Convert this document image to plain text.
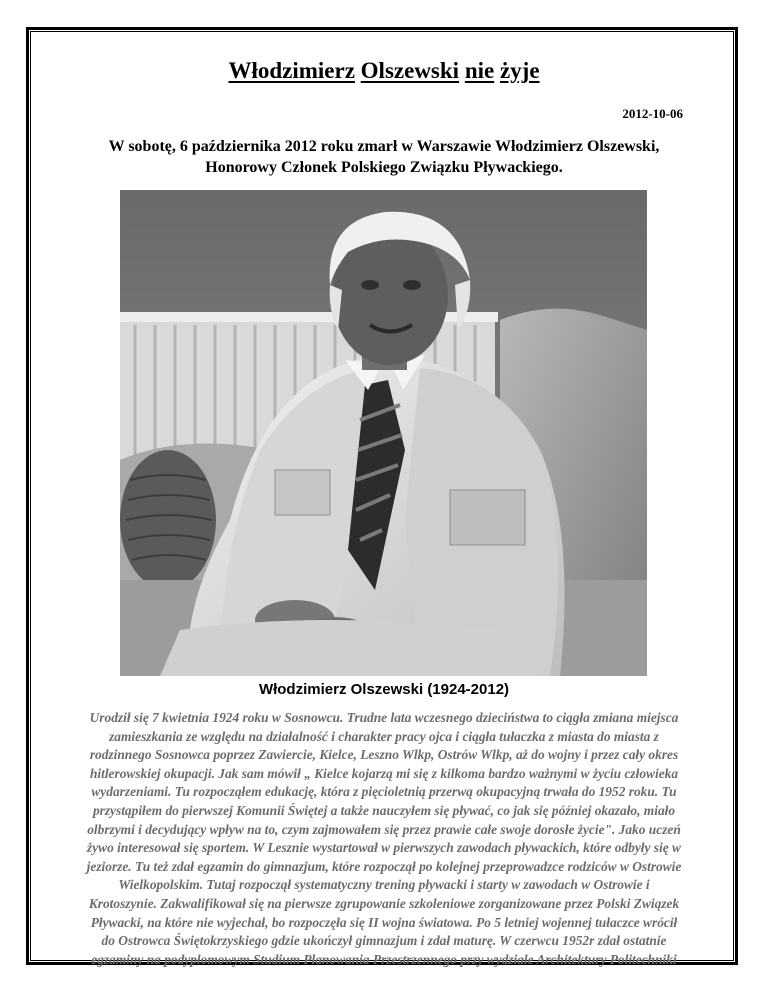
Włodzimierz Olszewski nie żyje
2012-10-06
W sobotę, 6 października 2012 roku zmarł w Warszawie Włodzimierz Olszewski,
Honorowy Członek Polskiego Związku Pływackiego.
Włodzimierz Olszewski (1924-2012)
Urodził się 7 kwietnia 1924 roku w Sosnowcu. Trudne lata wczesnego dzieciństwa to ciągła zmiana miejsca
zamieszkania ze względu na działalność i charakter pracy ojca i ciągła tułaczka z miasta do miasta z
rodzinnego Sosnowca poprzez Zawiercie, Kielce, Leszno Wlkp, Ostrów Wlkp, aż do wojny i przez cały okres
hitlerowskiej okupacji. Jak sam mówił „ Kielce kojarzą mi się z kilkoma bardzo ważnymi w życiu człowieka
wydarzeniami. Tu rozpocząłem edukację, która z pięcioletnią przerwą okupacyjną trwała do 1952 roku. Tu
przystąpiłem do pierwszej Komunii Świętej a także nauczyłem się pływać, co jak się później okazało, miało
olbrzymi i decydujący wpływ na to, czym zajmowałem się przez prawie całe swoje dorosłe życie". Jako uczeń
żywo interesował się sportem. W Lesznie wystartował w pierwszych zawodach pływackich, które odbyły się w
jeziorze. Tu też zdał egzamin do gimnazjum, które rozpoczął po kolejnej przeprowadzce rodziców w Ostrowie
Wielkopolskim. Tutaj rozpoczął systematyczny trening pływacki i starty w zawodach w Ostrowie i
Krotoszynie. Zakwalifikował się na pierwsze zgrupowanie szkoleniowe zorganizowane przez Polski Związek
Pływacki, na które nie wyjechał, bo rozpoczęła się II wojna światowa. Po 5 letniej wojennej tułaczce wrócił
do Ostrowca Świętokrzyskiego gdzie ukończył gimnazjum i zdał maturę. W czerwcu 1952r zdał ostatnie
egzaminy na podyplomowym Studium Planowania Przestrzennego przy wydziale Architektury Politechniki
